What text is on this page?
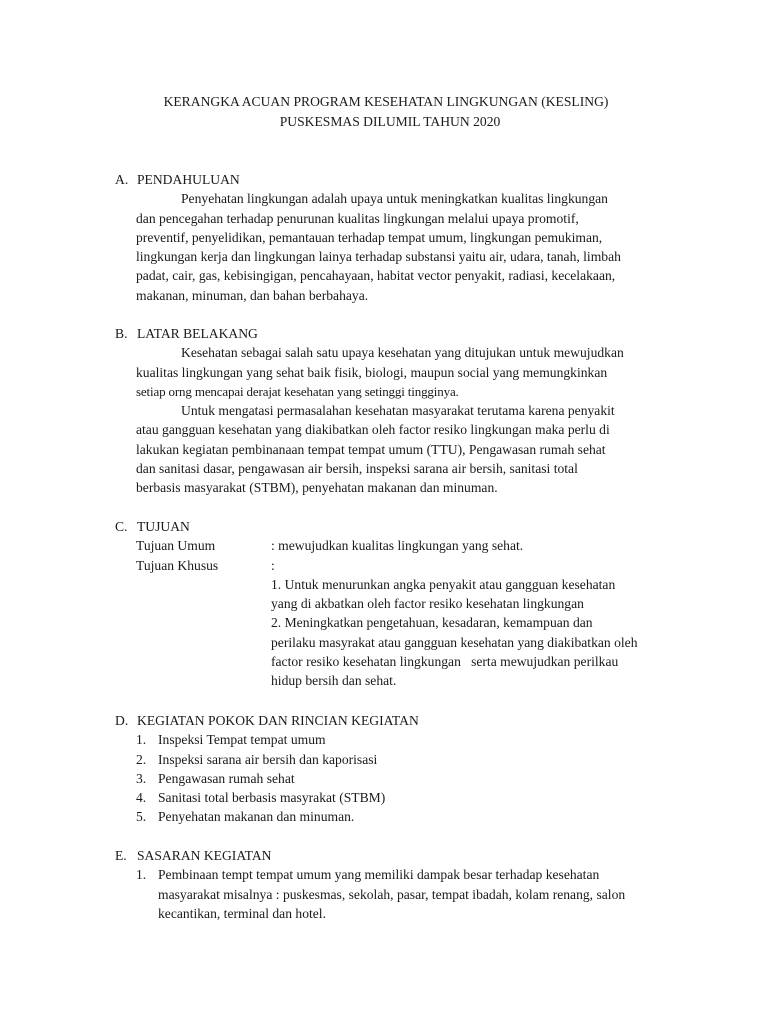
KERANGKA ACUAN PROGRAM KESEHATAN LINGKUNGAN (KESLING)
PUSKESMAS DILUMIL TAHUN 2020
A. PENDAHULUAN
Penyehatan lingkungan adalah upaya untuk meningkatkan kualitas lingkungan
dan pencegahan terhadap penurunan kualitas lingkungan melalui upaya promotif,
preventif, penyelidikan, pemantauan terhadap tempat umum, lingkungan pemukiman,
lingkungan kerja dan lingkungan lainya terhadap substansi yaitu air, udara, tanah, limbah
padat, cair, gas, kebisingigan, pencahayaan, habitat vector penyakit, radiasi, kecelakaan,
makanan, minuman, dan bahan berbahaya.
B. LATAR BELAKANG
Kesehatan sebagai salah satu upaya kesehatan yang ditujukan untuk mewujudkan
kualitas lingkungan yang sehat baik fisik, biologi, maupun social yang memungkinkan
setiap orng mencapai derajat kesehatan yang setinggi tingginya.
Untuk mengatasi permasalahan kesehatan masyarakat terutama karena penyakit
atau gangguan kesehatan yang diakibatkan oleh factor resiko lingkungan maka perlu di
lakukan kegiatan pembinanaan tempat tempat umum (TTU), Pengawasan rumah sehat
dan sanitasi dasar, pengawasan air bersih, inspeksi sarana air bersih, sanitasi total
berbasis masyarakat (STBM), penyehatan makanan dan minuman.
C. TUJUAN
Tujuan Umum	: mewujudkan kualitas lingkungan yang sehat.
Tujuan Khusus	:
1. Untuk menurunkan angka penyakit atau gangguan kesehatan
yang di akbatkan oleh factor resiko kesehatan lingkungan
2. Meningkatkan pengetahuan, kesadaran, kemampuan dan
perilaku masyrakat atau gangguan kesehatan yang diakibatkan oleh
factor resiko kesehatan lingkungan   serta mewujudkan perilkau
hidup bersih dan sehat.
D. KEGIATAN POKOK DAN RINCIAN KEGIATAN
1. Inspeksi Tempat tempat umum
2. Inspeksi sarana air bersih dan kaporisasi
3. Pengawasan rumah sehat
4. Sanitasi total berbasis masyrakat (STBM)
5. Penyehatan makanan dan minuman.
E. SASARAN KEGIATAN
1. Pembinaan tempt tempat umum yang memiliki dampak besar terhadap kesehatan
masyarakat misalnya : puskesmas, sekolah, pasar, tempat ibadah, kolam renang, salon
kecantikan, terminal dan hotel.
